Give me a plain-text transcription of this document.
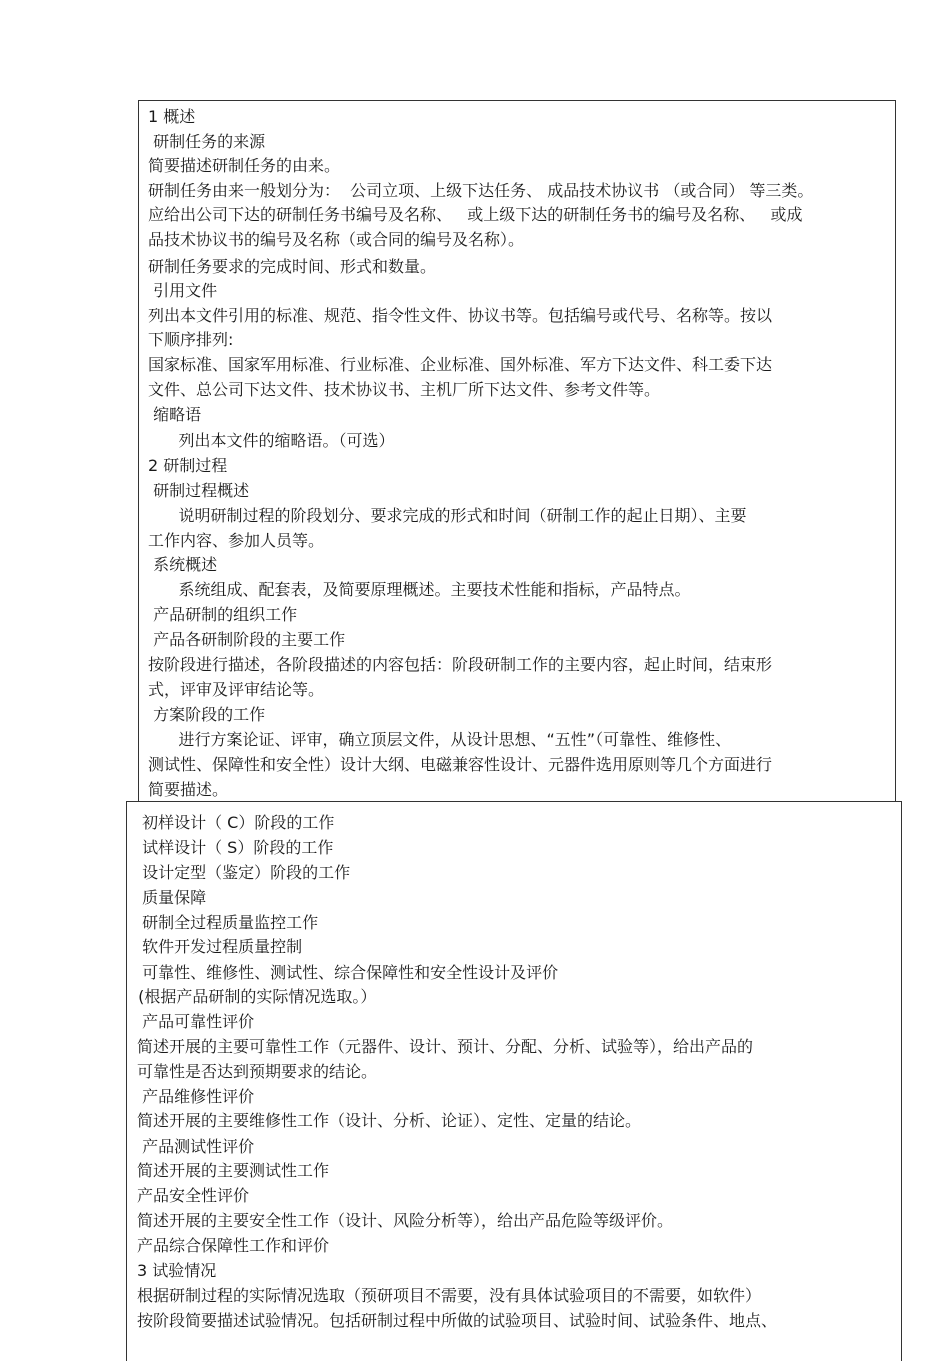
1 概述
研制任务的来源
简要描述研制任务的由来。
研制任务由来一般划分为：  公司立项、上级下达任务、 成品技术协议书 （或合同） 等三类。
应给出公司下达的研制任务书编号及名称、   或上级下达的研制任务书的编号及名称、   或成
品技术协议书的编号及名称（或合同的编号及名称）。
研制任务要求的完成时间、形式和数量。
引用文件
列出本文件引用的标准、规范、指令性文件、协议书等。包括编号或代号、名称等。按以
下顺序排列:
国家标准、国家军用标准、行业标准、企业标准、国外标准、军方下达文件、科工委下达
文件、总公司下达文件、技术协议书、主机厂所下达文件、参考文件等。
缩略语
列出本文件的缩略语。（可选）
2 研制过程
研制过程概述
说明研制过程的阶段划分、要求完成的形式和时间（研制工作的起止日期）、主要
工作内容、参加人员等。
系统概述
系统组成、配套表，及简要原理概述。主要技术性能和指标，产品特点。
产品研制的组织工作
产品各研制阶段的主要工作
按阶段进行描述，各阶段描述的内容包括：阶段研制工作的主要内容，起止时间，结束形
式，评审及评审结论等。
方案阶段的工作
进行方案论证、评审，确立顶层文件，从设计思想、“五性”（可靠性、维修性、
测试性、保障性和安全性）设计大纲、电磁兼容性设计、元器件选用原则等几个方面进行
简要描述。
初样设计（ C）阶段的工作
试样设计（ S）阶段的工作
设计定型（鉴定）阶段的工作
质量保障
研制全过程质量监控工作
软件开发过程质量控制
可靠性、维修性、测试性、综合保障性和安全性设计及评价
(根据产品研制的实际情况选取。）
产品可靠性评价
简述开展的主要可靠性工作（元器件、设计、预计、分配、分析、试验等），给出产品的
可靠性是否达到预期要求的结论。
产品维修性评价
简述开展的主要维修性工作（设计、分析、论证）、定性、定量的结论。
产品测试性评价
简述开展的主要测试性工作
产品安全性评价
简述开展的主要安全性工作（设计、风险分析等），给出产品危险等级评价。
产品综合保障性工作和评价
3 试验情况
根据研制过程的实际情况选取（预研项目不需要，没有具体试验项目的不需要，如软件）
按阶段简要描述试验情况。包括研制过程中所做的试验项目、试验时间、试验条件、地点、
